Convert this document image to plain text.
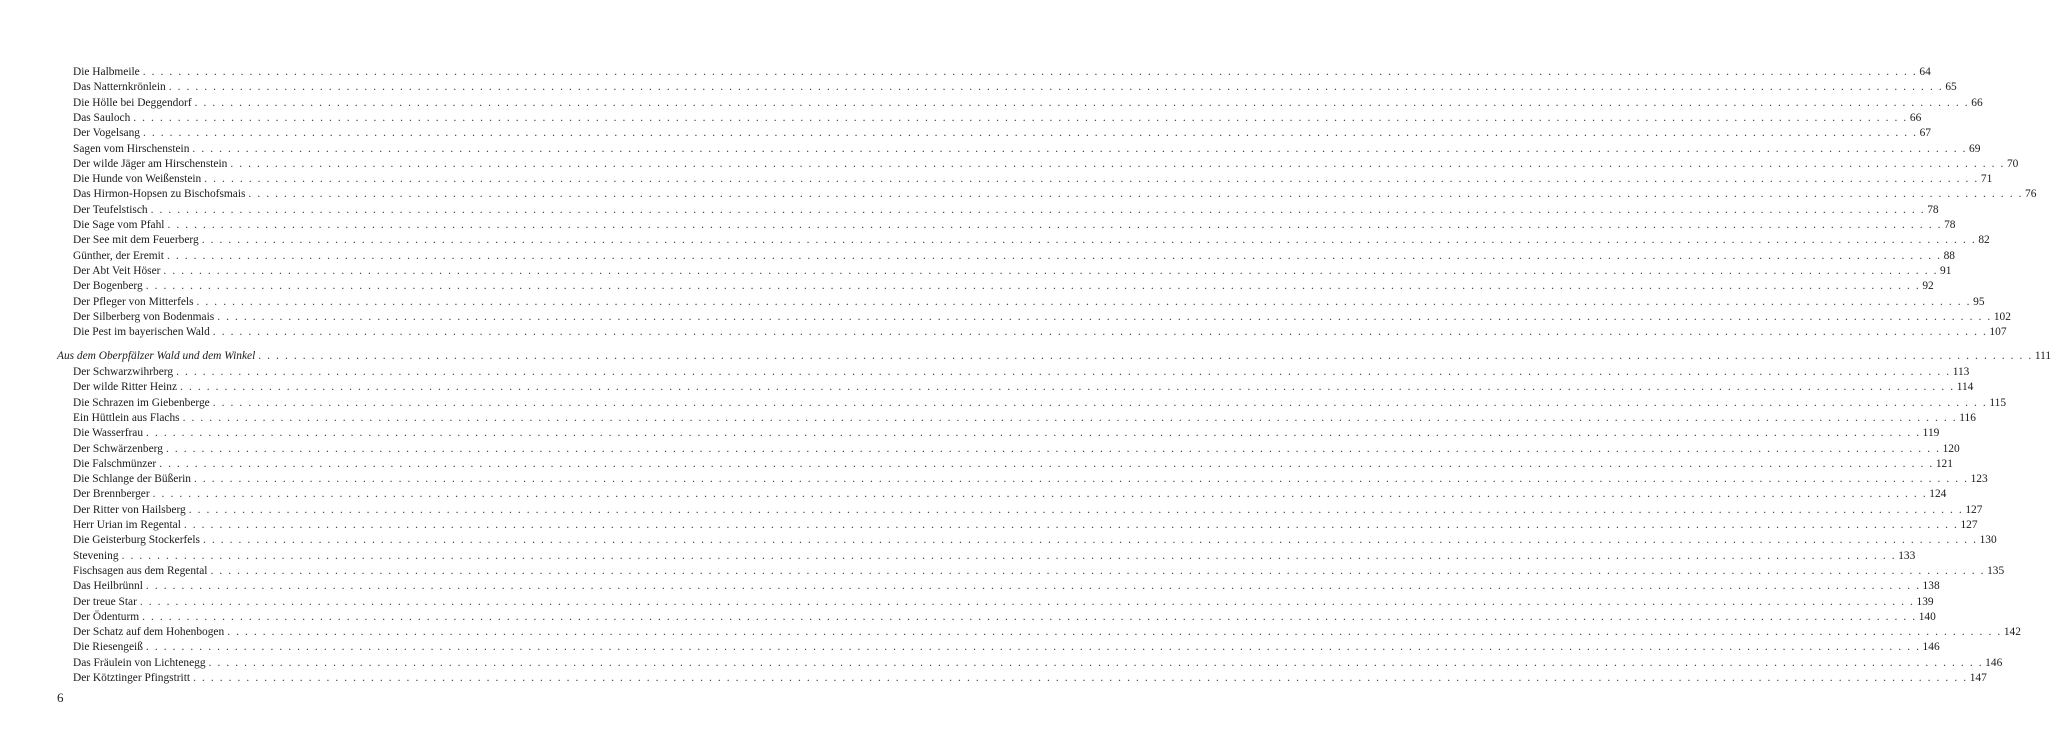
Die Halbmeile . . . . . . . . . . . . . . . . . . . . . . . . . . . . . . . . . . . . . . . . . . . . . . . . . . . . . . . . . . . . . . . . . . . . . . . . . . . . . . . . . . . . . . . . . . . . . . . . . . . . . . . . . . . . . . . . . . . . . . . . . . . . . . . . . . . . . . . . . . . . . . . . . . . . . . . . . . . . . . . . . . . . . . . . . . . . . . . . . . . . . . . . . . . . . . . . . . . . . . . . 64
Das Natternkrönlein . . . . . . . . . . . . . . . . . . . . . . . . . . . . . . . . . . . . . . . . . . . . . . . . . . . . . . . . . . . . . . . . . . . . . . . . . . . . . . . . . . . . . . . . . . . . . . . . . . . . . . . . . . . . . . . . . . . . . . . . . . . . . . . . . . . . . . . . . . . . . . . . . . . . . . . . . . . . . . . . . . . . . . . . . . . . . . . . . . . . . . . . . . . . . . . . . . . . . . . . 65
Die Hölle bei Deggendorf . . . . . . . . . . . . . . . . . . . . . . . . . . . . . . . . . . . . . . . . . . . . . . . . . . . . . . . . . . . . . . . . . . . . . . . . . . . . . . . . . . . . . . . . . . . . . . . . . . . . . . . . . . . . . . . . . . . . . . . . . . . . . . . . . . . . . . . . . . . . . . . . . . . . . . . . . . . . . . . . . . . . . . . . . . . . . . . . . . . . . . . . . . . . . . . . . . . . . . . . 66
Das Sauloch . . . . . . . . . . . . . . . . . . . . . . . . . . . . . . . . . . . . . . . . . . . . . . . . . . . . . . . . . . . . . . . . . . . . . . . . . . . . . . . . . . . . . . . . . . . . . . . . . . . . . . . . . . . . . . . . . . . . . . . . . . . . . . . . . . . . . . . . . . . . . . . . . . . . . . . . . . . . . . . . . . . . . . . . . . . . . . . . . . . . . . . . . . . . . . . . . . . . . . . . 66
Der Vogelsang . . . . . . . . . . . . . . . . . . . . . . . . . . . . . . . . . . . . . . . . . . . . . . . . . . . . . . . . . . . . . . . . . . . . . . . . . . . . . . . . . . . . . . . . . . . . . . . . . . . . . . . . . . . . . . . . . . . . . . . . . . . . . . . . . . . . . . . . . . . . . . . . . . . . . . . . . . . . . . . . . . . . . . . . . . . . . . . . . . . . . . . . . . . . . . . . . . . . . . . . 67
Sagen vom Hirschenstein . . . . . . . . . . . . . . . . . . . . . . . . . . . . . . . . . . . . . . . . . . . . . . . . . . . . . . . . . . . . . . . . . . . . . . . . . . . . . . . . . . . . . . . . . . . . . . . . . . . . . . . . . . . . . . . . . . . . . . . . . . . . . . . . . . . . . . . . . . . . . . . . . . . . . . . . . . . . . . . . . . . . . . . . . . . . . . . . . . . . . . . . . . . . . . . . . . . . . . . . 69
Der wilde Jäger am Hirschenstein . . . . . . . . . . . . . . . . . . . . . . . . . . . . . . . . . . . . . . . . . . . . . . . . . . . . . . . . . . . . . . . . . . . . . . . . . . . . . . . . . . . . . . . . . . . . . . . . . . . . . . . . . . . . . . . . . . . . . . . . . . . . . . . . . . . . . . . . . . . . . . . . . . . . . . . . . . . . . . . . . . . . . . . . . . . . . . . . . . . . . . . . . . . . . . . . . . . . . . . . 70
Die Hunde von Weißenstein . . . . . . . . . . . . . . . . . . . . . . . . . . . . . . . . . . . . . . . . . . . . . . . . . . . . . . . . . . . . . . . . . . . . . . . . . . . . . . . . . . . . . . . . . . . . . . . . . . . . . . . . . . . . . . . . . . . . . . . . . . . . . . . . . . . . . . . . . . . . . . . . . . . . . . . . . . . . . . . . . . . . . . . . . . . . . . . . . . . . . . . . . . . . . . . . . . . . . . . . 71
Das Hirmon-Hopsen zu Bischofsmais . . . . . . . . . . . . . . . . . . . . . . . . . . . . . . . . . . . . . . . . . . . . . . . . . . . . . . . . . . . . . . . . . . . . . . . . . . . . . . . . . . . . . . . . . . . . . . . . . . . . . . . . . . . . . . . . . . . . . . . . . . . . . . . . . . . . . . . . . . . . . . . . . . . . . . . . . . . . . . . . . . . . . . . . . . . . . . . . . . . . . . . . . . . . . . . . . . . . . . . . 76
Der Teufelstisch . . . . . . . . . . . . . . . . . . . . . . . . . . . . . . . . . . . . . . . . . . . . . . . . . . . . . . . . . . . . . . . . . . . . . . . . . . . . . . . . . . . . . . . . . . . . . . . . . . . . . . . . . . . . . . . . . . . . . . . . . . . . . . . . . . . . . . . . . . . . . . . . . . . . . . . . . . . . . . . . . . . . . . . . . . . . . . . . . . . . . . . . . . . . . . . . . . . . . . . . 78
Die Sage vom Pfahl . . . . . . . . . . . . . . . . . . . . . . . . . . . . . . . . . . . . . . . . . . . . . . . . . . . . . . . . . . . . . . . . . . . . . . . . . . . . . . . . . . . . . . . . . . . . . . . . . . . . . . . . . . . . . . . . . . . . . . . . . . . . . . . . . . . . . . . . . . . . . . . . . . . . . . . . . . . . . . . . . . . . . . . . . . . . . . . . . . . . . . . . . . . . . . . . . . . . . . . . 78
Der See mit dem Feuerberg . . . . . . . . . . . . . . . . . . . . . . . . . . . . . . . . . . . . . . . . . . . . . . . . . . . . . . . . . . . . . . . . . . . . . . . . . . . . . . . . . . . . . . . . . . . . . . . . . . . . . . . . . . . . . . . . . . . . . . . . . . . . . . . . . . . . . . . . . . . . . . . . . . . . . . . . . . . . . . . . . . . . . . . . . . . . . . . . . . . . . . . . . . . . . . . . . . . . . . . . 82
Günther, der Eremit . . . . . . . . . . . . . . . . . . . . . . . . . . . . . . . . . . . . . . . . . . . . . . . . . . . . . . . . . . . . . . . . . . . . . . . . . . . . . . . . . . . . . . . . . . . . . . . . . . . . . . . . . . . . . . . . . . . . . . . . . . . . . . . . . . . . . . . . . . . . . . . . . . . . . . . . . . . . . . . . . . . . . . . . . . . . . . . . . . . . . . . . . . . . . . . . . . . . . . . . 88
Der Abt Veit Höser . . . . . . . . . . . . . . . . . . . . . . . . . . . . . . . . . . . . . . . . . . . . . . . . . . . . . . . . . . . . . . . . . . . . . . . . . . . . . . . . . . . . . . . . . . . . . . . . . . . . . . . . . . . . . . . . . . . . . . . . . . . . . . . . . . . . . . . . . . . . . . . . . . . . . . . . . . . . . . . . . . . . . . . . . . . . . . . . . . . . . . . . . . . . . . . . . . . . . . . . 91
Der Bogenberg . . . . . . . . . . . . . . . . . . . . . . . . . . . . . . . . . . . . . . . . . . . . . . . . . . . . . . . . . . . . . . . . . . . . . . . . . . . . . . . . . . . . . . . . . . . . . . . . . . . . . . . . . . . . . . . . . . . . . . . . . . . . . . . . . . . . . . . . . . . . . . . . . . . . . . . . . . . . . . . . . . . . . . . . . . . . . . . . . . . . . . . . . . . . . . . . . . . . . . . . 92
Der Pfleger von Mitterfels . . . . . . . . . . . . . . . . . . . . . . . . . . . . . . . . . . . . . . . . . . . . . . . . . . . . . . . . . . . . . . . . . . . . . . . . . . . . . . . . . . . . . . . . . . . . . . . . . . . . . . . . . . . . . . . . . . . . . . . . . . . . . . . . . . . . . . . . . . . . . . . . . . . . . . . . . . . . . . . . . . . . . . . . . . . . . . . . . . . . . . . . . . . . . . . . . . . . . . . . 95
Der Silberberg von Bodenmais . . . . . . . . . . . . . . . . . . . . . . . . . . . . . . . . . . . . . . . . . . . . . . . . . . . . . . . . . . . . . . . . . . . . . . . . . . . . . . . . . . . . . . . . . . . . . . . . . . . . . . . . . . . . . . . . . . . . . . . . . . . . . . . . . . . . . . . . . . . . . . . . . . . . . . . . . . . . . . . . . . . . . . . . . . . . . . . . . . . . . . . . . . . . . . . . . . . . . . . . 102
Die Pest im bayerischen Wald . . . . . . . . . . . . . . . . . . . . . . . . . . . . . . . . . . . . . . . . . . . . . . . . . . . . . . . . . . . . . . . . . . . . . . . . . . . . . . . . . . . . . . . . . . . . . . . . . . . . . . . . . . . . . . . . . . . . . . . . . . . . . . . . . . . . . . . . . . . . . . . . . . . . . . . . . . . . . . . . . . . . . . . . . . . . . . . . . . . . . . . . . . . . . . . . . . . . . . . . 107
Aus dem Oberpfälzer Wald und dem Winkel . . . . . . . . . . . . . . . . . . . . . . . . . . . . . . . . . . . . . . . . . . . . . . . . . . . . . . . . . . . . . . . . . . . . . . . . . . . . . . . . . . . . . . . . . . . . . . . . . . . . . . . . . . . . . . . . . . . . . . . . . . . . . . . . . . . . . . . . . . . . . . . . . . . . . . . . . . . . . . . . . . . . . . . . . . . . . . . . . . . . . . . . . . . . . . . . . . . . . . . . 111
Der Schwarzwihrberg . . . . . . . . . . . . . . . . . . . . . . . . . . . . . . . . . . . . . . . . . . . . . . . . . . . . . . . . . . . . . . . . . . . . . . . . . . . . . . . . . . . . . . . . . . . . . . . . . . . . . . . . . . . . . . . . . . . . . . . . . . . . . . . . . . . . . . . . . . . . . . . . . . . . . . . . . . . . . . . . . . . . . . . . . . . . . . . . . . . . . . . . . . . . . . . . . . . . . . . . 113
Der wilde Ritter Heinz . . . . . . . . . . . . . . . . . . . . . . . . . . . . . . . . . . . . . . . . . . . . . . . . . . . . . . . . . . . . . . . . . . . . . . . . . . . . . . . . . . . . . . . . . . . . . . . . . . . . . . . . . . . . . . . . . . . . . . . . . . . . . . . . . . . . . . . . . . . . . . . . . . . . . . . . . . . . . . . . . . . . . . . . . . . . . . . . . . . . . . . . . . . . . . . . . . . . . . . . 114
Die Schrazen im Giebenberge . . . . . . . . . . . . . . . . . . . . . . . . . . . . . . . . . . . . . . . . . . . . . . . . . . . . . . . . . . . . . . . . . . . . . . . . . . . . . . . . . . . . . . . . . . . . . . . . . . . . . . . . . . . . . . . . . . . . . . . . . . . . . . . . . . . . . . . . . . . . . . . . . . . . . . . . . . . . . . . . . . . . . . . . . . . . . . . . . . . . . . . . . . . . . . . . . . . . . . . . 115
Ein Hüttlein aus Flachs . . . . . . . . . . . . . . . . . . . . . . . . . . . . . . . . . . . . . . . . . . . . . . . . . . . . . . . . . . . . . . . . . . . . . . . . . . . . . . . . . . . . . . . . . . . . . . . . . . . . . . . . . . . . . . . . . . . . . . . . . . . . . . . . . . . . . . . . . . . . . . . . . . . . . . . . . . . . . . . . . . . . . . . . . . . . . . . . . . . . . . . . . . . . . . . . . . . . . . . . 116
Die Wasserfrau . . . . . . . . . . . . . . . . . . . . . . . . . . . . . . . . . . . . . . . . . . . . . . . . . . . . . . . . . . . . . . . . . . . . . . . . . . . . . . . . . . . . . . . . . . . . . . . . . . . . . . . . . . . . . . . . . . . . . . . . . . . . . . . . . . . . . . . . . . . . . . . . . . . . . . . . . . . . . . . . . . . . . . . . . . . . . . . . . . . . . . . . . . . . . . . . . . . . . . . . 119
Der Schwärzenberg . . . . . . . . . . . . . . . . . . . . . . . . . . . . . . . . . . . . . . . . . . . . . . . . . . . . . . . . . . . . . . . . . . . . . . . . . . . . . . . . . . . . . . . . . . . . . . . . . . . . . . . . . . . . . . . . . . . . . . . . . . . . . . . . . . . . . . . . . . . . . . . . . . . . . . . . . . . . . . . . . . . . . . . . . . . . . . . . . . . . . . . . . . . . . . . . . . . . . . . . 120
Die Falschmünzer . . . . . . . . . . . . . . . . . . . . . . . . . . . . . . . . . . . . . . . . . . . . . . . . . . . . . . . . . . . . . . . . . . . . . . . . . . . . . . . . . . . . . . . . . . . . . . . . . . . . . . . . . . . . . . . . . . . . . . . . . . . . . . . . . . . . . . . . . . . . . . . . . . . . . . . . . . . . . . . . . . . . . . . . . . . . . . . . . . . . . . . . . . . . . . . . . . . . . . . . 121
Die Schlange der Büßerin . . . . . . . . . . . . . . . . . . . . . . . . . . . . . . . . . . . . . . . . . . . . . . . . . . . . . . . . . . . . . . . . . . . . . . . . . . . . . . . . . . . . . . . . . . . . . . . . . . . . . . . . . . . . . . . . . . . . . . . . . . . . . . . . . . . . . . . . . . . . . . . . . . . . . . . . . . . . . . . . . . . . . . . . . . . . . . . . . . . . . . . . . . . . . . . . . . . . . . . . 123
Der Brennberger . . . . . . . . . . . . . . . . . . . . . . . . . . . . . . . . . . . . . . . . . . . . . . . . . . . . . . . . . . . . . . . . . . . . . . . . . . . . . . . . . . . . . . . . . . . . . . . . . . . . . . . . . . . . . . . . . . . . . . . . . . . . . . . . . . . . . . . . . . . . . . . . . . . . . . . . . . . . . . . . . . . . . . . . . . . . . . . . . . . . . . . . . . . . . . . . . . . . . . . . 124
Der Ritter von Hailsberg . . . . . . . . . . . . . . . . . . . . . . . . . . . . . . . . . . . . . . . . . . . . . . . . . . . . . . . . . . . . . . . . . . . . . . . . . . . . . . . . . . . . . . . . . . . . . . . . . . . . . . . . . . . . . . . . . . . . . . . . . . . . . . . . . . . . . . . . . . . . . . . . . . . . . . . . . . . . . . . . . . . . . . . . . . . . . . . . . . . . . . . . . . . . . . . . . . . . . . . . 127
Herr Urian im Regental . . . . . . . . . . . . . . . . . . . . . . . . . . . . . . . . . . . . . . . . . . . . . . . . . . . . . . . . . . . . . . . . . . . . . . . . . . . . . . . . . . . . . . . . . . . . . . . . . . . . . . . . . . . . . . . . . . . . . . . . . . . . . . . . . . . . . . . . . . . . . . . . . . . . . . . . . . . . . . . . . . . . . . . . . . . . . . . . . . . . . . . . . . . . . . . . . . . . . . . . 127
Die Geisterburg Stockerfels . . . . . . . . . . . . . . . . . . . . . . . . . . . . . . . . . . . . . . . . . . . . . . . . . . . . . . . . . . . . . . . . . . . . . . . . . . . . . . . . . . . . . . . . . . . . . . . . . . . . . . . . . . . . . . . . . . . . . . . . . . . . . . . . . . . . . . . . . . . . . . . . . . . . . . . . . . . . . . . . . . . . . . . . . . . . . . . . . . . . . . . . . . . . . . . . . . . . . . . . 130
Stevening . . . . . . . . . . . . . . . . . . . . . . . . . . . . . . . . . . . . . . . . . . . . . . . . . . . . . . . . . . . . . . . . . . . . . . . . . . . . . . . . . . . . . . . . . . . . . . . . . . . . . . . . . . . . . . . . . . . . . . . . . . . . . . . . . . . . . . . . . . . . . . . . . . . . . . . . . . . . . . . . . . . . . . . . . . . . . . . . . . . . . . . . . . . . . . . . . . . . . . . . 133
Fischsagen aus dem Regental . . . . . . . . . . . . . . . . . . . . . . . . . . . . . . . . . . . . . . . . . . . . . . . . . . . . . . . . . . . . . . . . . . . . . . . . . . . . . . . . . . . . . . . . . . . . . . . . . . . . . . . . . . . . . . . . . . . . . . . . . . . . . . . . . . . . . . . . . . . . . . . . . . . . . . . . . . . . . . . . . . . . . . . . . . . . . . . . . . . . . . . . . . . . . . . . . . . . . . . . 135
Das Heilbrünnl . . . . . . . . . . . . . . . . . . . . . . . . . . . . . . . . . . . . . . . . . . . . . . . . . . . . . . . . . . . . . . . . . . . . . . . . . . . . . . . . . . . . . . . . . . . . . . . . . . . . . . . . . . . . . . . . . . . . . . . . . . . . . . . . . . . . . . . . . . . . . . . . . . . . . . . . . . . . . . . . . . . . . . . . . . . . . . . . . . . . . . . . . . . . . . . . . . . . . . . . 138
Der treue Star . . . . . . . . . . . . . . . . . . . . . . . . . . . . . . . . . . . . . . . . . . . . . . . . . . . . . . . . . . . . . . . . . . . . . . . . . . . . . . . . . . . . . . . . . . . . . . . . . . . . . . . . . . . . . . . . . . . . . . . . . . . . . . . . . . . . . . . . . . . . . . . . . . . . . . . . . . . . . . . . . . . . . . . . . . . . . . . . . . . . . . . . . . . . . . . . . . . . . . . . 139
Der Ödenturm . . . . . . . . . . . . . . . . . . . . . . . . . . . . . . . . . . . . . . . . . . . . . . . . . . . . . . . . . . . . . . . . . . . . . . . . . . . . . . . . . . . . . . . . . . . . . . . . . . . . . . . . . . . . . . . . . . . . . . . . . . . . . . . . . . . . . . . . . . . . . . . . . . . . . . . . . . . . . . . . . . . . . . . . . . . . . . . . . . . . . . . . . . . . . . . . . . . . . . . . 140
Der Schatz auf dem Hohenbogen . . . . . . . . . . . . . . . . . . . . . . . . . . . . . . . . . . . . . . . . . . . . . . . . . . . . . . . . . . . . . . . . . . . . . . . . . . . . . . . . . . . . . . . . . . . . . . . . . . . . . . . . . . . . . . . . . . . . . . . . . . . . . . . . . . . . . . . . . . . . . . . . . . . . . . . . . . . . . . . . . . . . . . . . . . . . . . . . . . . . . . . . . . . . . . . . . . . . . . . . 142
Die Riesengeiß . . . . . . . . . . . . . . . . . . . . . . . . . . . . . . . . . . . . . . . . . . . . . . . . . . . . . . . . . . . . . . . . . . . . . . . . . . . . . . . . . . . . . . . . . . . . . . . . . . . . . . . . . . . . . . . . . . . . . . . . . . . . . . . . . . . . . . . . . . . . . . . . . . . . . . . . . . . . . . . . . . . . . . . . . . . . . . . . . . . . . . . . . . . . . . . . . . . . . . . . 146
Das Fräulein von Lichtenegg . . . . . . . . . . . . . . . . . . . . . . . . . . . . . . . . . . . . . . . . . . . . . . . . . . . . . . . . . . . . . . . . . . . . . . . . . . . . . . . . . . . . . . . . . . . . . . . . . . . . . . . . . . . . . . . . . . . . . . . . . . . . . . . . . . . . . . . . . . . . . . . . . . . . . . . . . . . . . . . . . . . . . . . . . . . . . . . . . . . . . . . . . . . . . . . . . . . . . . . . 146
Der Kötztinger Pfingstritt . . . . . . . . . . . . . . . . . . . . . . . . . . . . . . . . . . . . . . . . . . . . . . . . . . . . . . . . . . . . . . . . . . . . . . . . . . . . . . . . . . . . . . . . . . . . . . . . . . . . . . . . . . . . . . . . . . . . . . . . . . . . . . . . . . . . . . . . . . . . . . . . . . . . . . . . . . . . . . . . . . . . . . . . . . . . . . . . . . . . . . . . . . . . . . . . . . . . . . . . 147
6
